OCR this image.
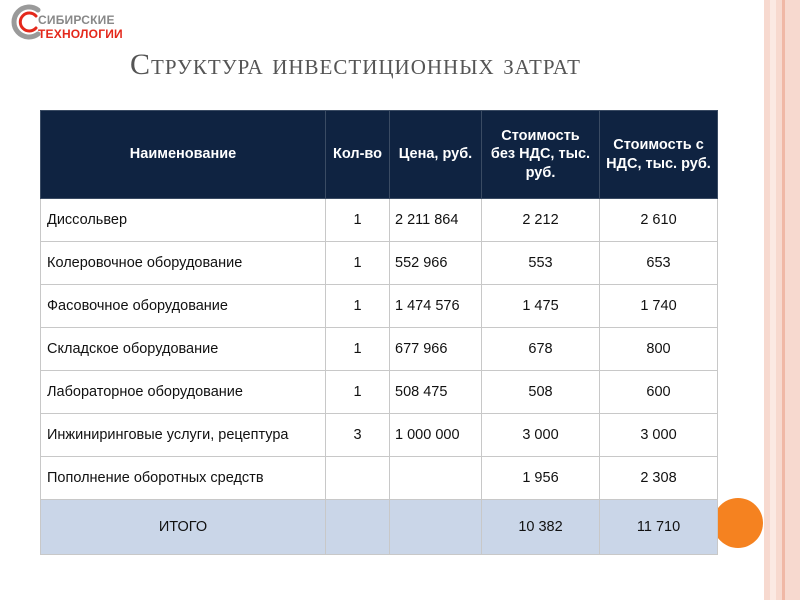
СИБИРСКИЕ
ТЕХНОЛОГИИ
Структура инвестиционных затрат
Наименование	Кол-во	Цена, руб.	Стоимость без НДС, тыс. руб.	Стоимость с НДС, тыс. руб.
Диссольвер	1	2 211 864	2 212	2 610
Колеровочное оборудование	1	552 966	553	653
Фасовочное оборудование	1	1 474 576	1 475	1 740
Складское оборудование	1	677 966	678	800
Лабораторное оборудование	1	508 475	508	600
Инжиниринговые услуги, рецептура	3	1 000 000	3 000	3 000
Пополнение оборотных средств			1 956	2 308
ИТОГО			10 382	11 710
